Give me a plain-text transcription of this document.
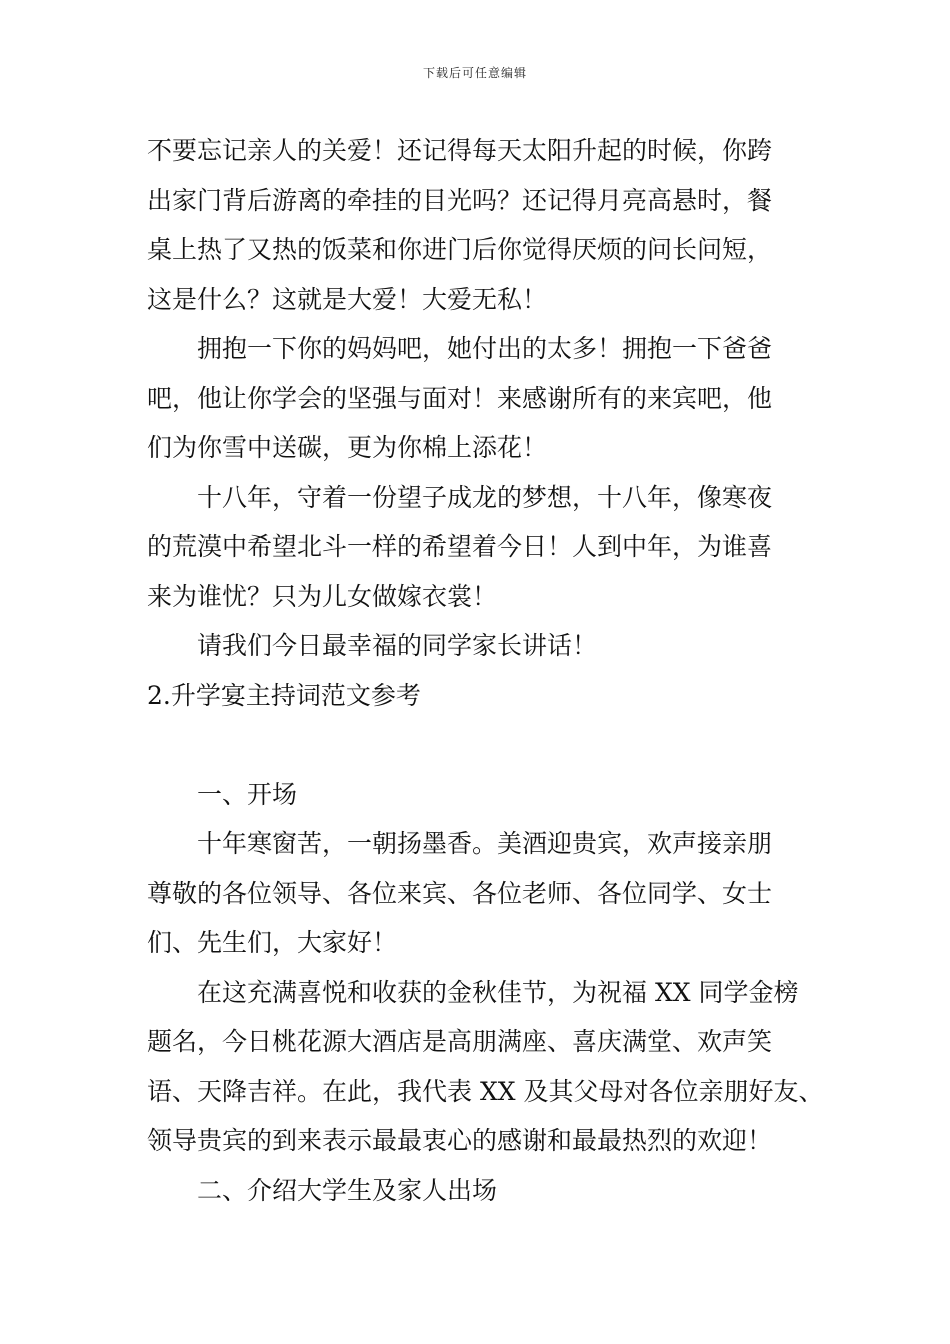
下载后可任意编辑
不要忘记亲人的关爱！还记得每天太阳升起的时候，你跨
出家门背后游离的牵挂的目光吗？还记得月亮高悬时，餐
桌上热了又热的饭菜和你进门后你觉得厌烦的问长问短，
这是什么？这就是大爱！大爱无私！
拥抱一下你的妈妈吧，她付出的太多！拥抱一下爸爸
吧，他让你学会的坚强与面对！来感谢所有的来宾吧，他
们为你雪中送碳，更为你棉上添花！
十八年，守着一份望子成龙的梦想，十八年，像寒夜
的荒漠中希望北斗一样的希望着今日！人到中年，为谁喜
来为谁忧？只为儿女做嫁衣裳！
请我们今日最幸福的同学家长讲话！
2.升学宴主持词范文参考
一、开场
十年寒窗苦，一朝扬墨香。美酒迎贵宾，欢声接亲朋
尊敬的各位领导、各位来宾、各位老师、各位同学、女士
们、先生们，大家好！
在这充满喜悦和收获的金秋佳节，为祝福 XX 同学金榜
题名，今日桃花源大酒店是高朋满座、喜庆满堂、欢声笑
语、天降吉祥。在此，我代表 XX 及其父母对各位亲朋好友、
领导贵宾的到来表示最最衷心的感谢和最最热烈的欢迎！
二、介绍大学生及家人出场
